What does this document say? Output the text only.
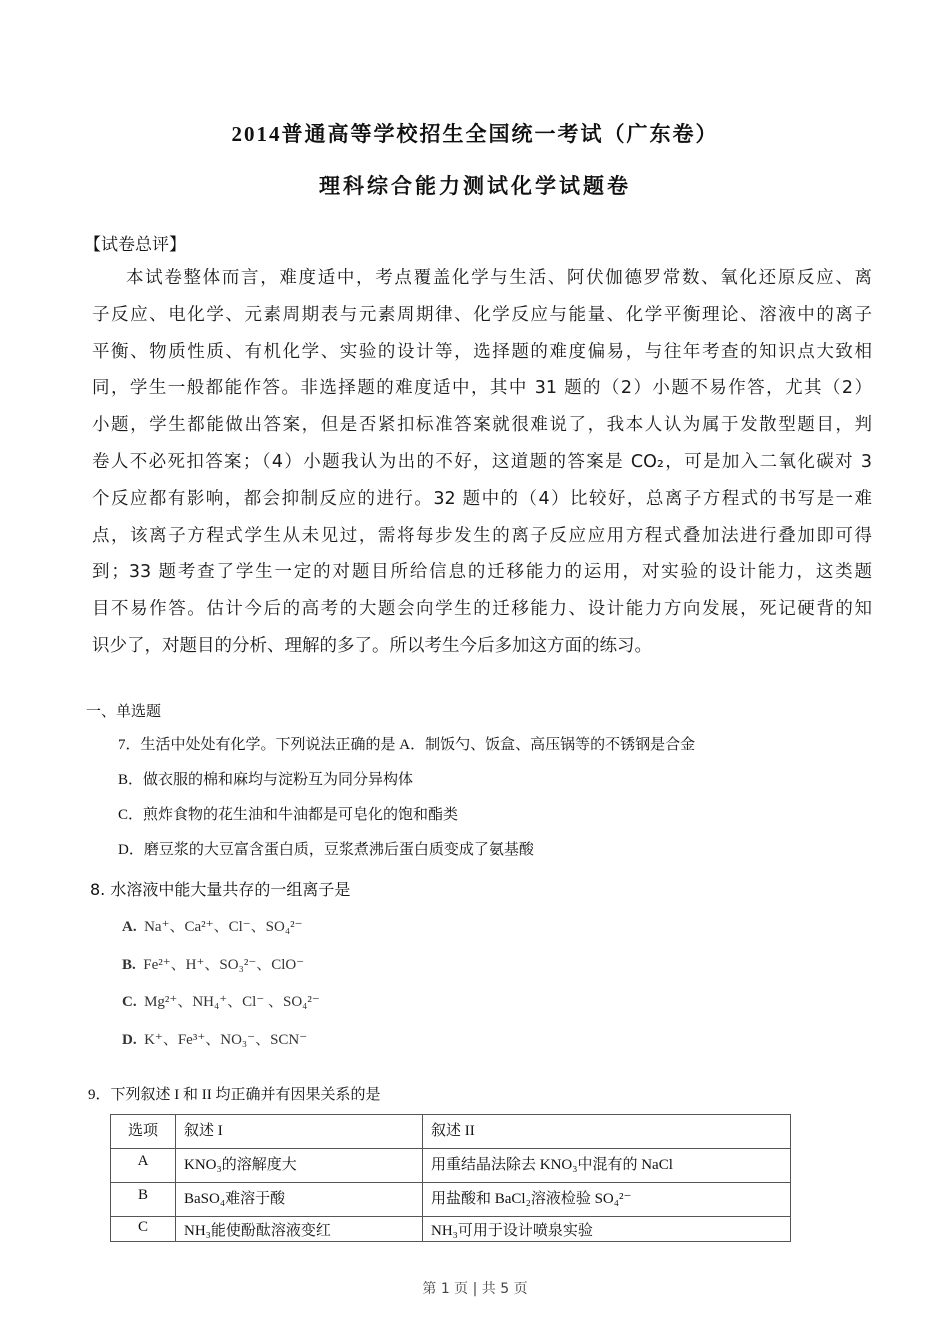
2014普通高等学校招生全国统一考试（广东卷）
理科综合能力测试化学试题卷
【试卷总评】
本试卷整体而言，难度适中，考点覆盖化学与生活、阿伏伽德罗常数、氧化还原反应、离
子反应、电化学、元素周期表与元素周期律、化学反应与能量、化学平衡理论、溶液中的离子
平衡、物质性质、有机化学、实验的设计等，选择题的难度偏易，与往年考查的知识点大致相
同，学生一般都能作答。非选择题的难度适中，其中 31 题的（2）小题不易作答，尤其（2）
小题，学生都能做出答案，但是否紧扣标准答案就很难说了，我本人认为属于发散型题目，判
卷人不必死扣答案；（4）小题我认为出的不好，这道题的答案是 CO₂，可是加入二氧化碳对 3
个反应都有影响，都会抑制反应的进行。32 题中的（4）比较好，总离子方程式的书写是一难
点，该离子方程式学生从未见过，需将每步发生的离子反应应用方程式叠加法进行叠加即可得
到；33 题考查了学生一定的对题目所给信息的迁移能力的运用，对实验的设计能力，这类题
目不易作答。估计今后的高考的大题会向学生的迁移能力、设计能力方向发展，死记硬背的知
识少了，对题目的分析、理解的多了。所以考生今后多加这方面的练习。
一、单选题
7．生活中处处有化学。下列说法正确的是 A．制饭勺、饭盒、高压锅等的不锈钢是合金
B．做衣服的棉和麻均与淀粉互为同分异构体
C．煎炸食物的花生油和牛油都是可皂化的饱和酯类
D．磨豆浆的大豆富含蛋白质，豆浆煮沸后蛋白质变成了氨基酸
8. 水溶液中能大量共存的一组离子是
A. Na⁺、Ca²⁺、Cl⁻、SO₄²⁻
B. Fe²⁺、H⁺、SO₃²⁻、ClO⁻
C. Mg²⁺、NH₄⁺、Cl⁻ 、SO₄²⁻
D. K⁺、Fe³⁺、NO₃⁻、SCN⁻
9．下列叙述 I 和 II 均正确并有因果关系的是
选项	叙述 I	叙述 II
A	KNO₃的溶解度大	用重结晶法除去 KNO₃中混有的 NaCl
B	BaSO₄难溶于酸	用盐酸和 BaCl₂溶液检验 SO₄²⁻
C	NH₃能使酚酞溶液变红	NH₃可用于设计喷泉实验
第 1 页 | 共 5 页
